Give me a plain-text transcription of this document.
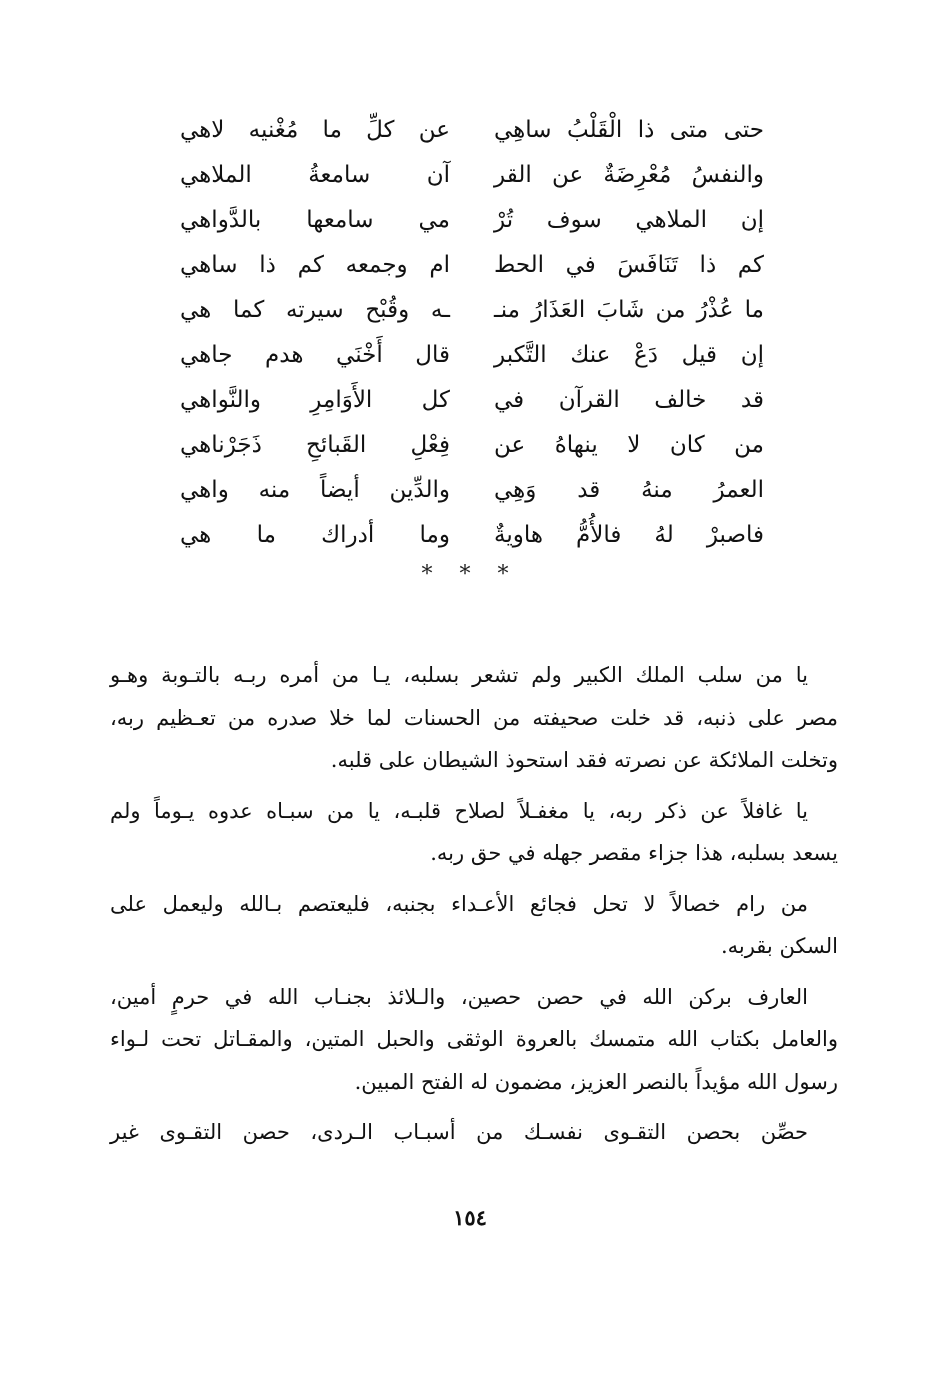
حتى متى ذا الْقَلْبُ ساهِي
عن كلِّ ما مُغْنيه لاهي
والنفسُ مُعْرِضَةٌ عن القر
آن سامعةُ الملاهي
إن الملاهي سوف تُرْ
مي سامعها بالدَّواهي
كم ذا تَنَافَسَ في الحط
ام وجمعه كم ذا ساهي
ما عُذْرُ من شَابَ العَذَارُ منـ
ـه وقُبْح سيرته كما هي
إن قيل دَعْ عنك التَّكبر
قال أَخْنَي هدم جاهي
قد خالف القرآن في
كل الأَوَامِرِ والنَّواهي
من كان لا ينهاهُ عن
فِعْلِ القَبائحِ ذَجَرْناهي
العمرُ منهُ قد وَهِي
والدِّين أيضاً منه واهي
فاصبرْ لهُ فالأُمُّ هاويةٌ
وما أدراك ما هي
* * *
يا من سلب الملك الكبير ولم تشعر بسلبه، يـا من أمره ربـه بالتـوبة وهـو
مصر على ذنبه، قد خلت صحيفته من الحسنات لما خلا صدره من تعـظيم ربه،
وتخلت الملائكة عن نصرته فقد استحوذ الشيطان على قلبه.
يا غافلاً عن ذكر ربه، يا مغفـلاً لصلاح قلبـه، يا من سبـاه عدوه يـوماً ولم
يسعد بسلبه، هذا جزاء مقصر جهله في حق ربه.
من رام خصالاً لا تحل فجائع الأعـداء بجنبه، فليعتصم بـالله وليعمل على
السكن بقربه.
العارف بركن الله في حصن حصين، والـلائذ بجنـاب الله في حرمٍ أمين،
والعامل بكتاب الله متمسك بالعروة الوثقى والحبل المتين، والمقـاتل تحت لـواء
رسول الله مؤيداً بالنصر العزيز، مضمون له الفتح المبين.
حصِّن بحصن التقـوى نفسـك من أسبـاب الـردى، حصن التقـوى غير
١٥٤
